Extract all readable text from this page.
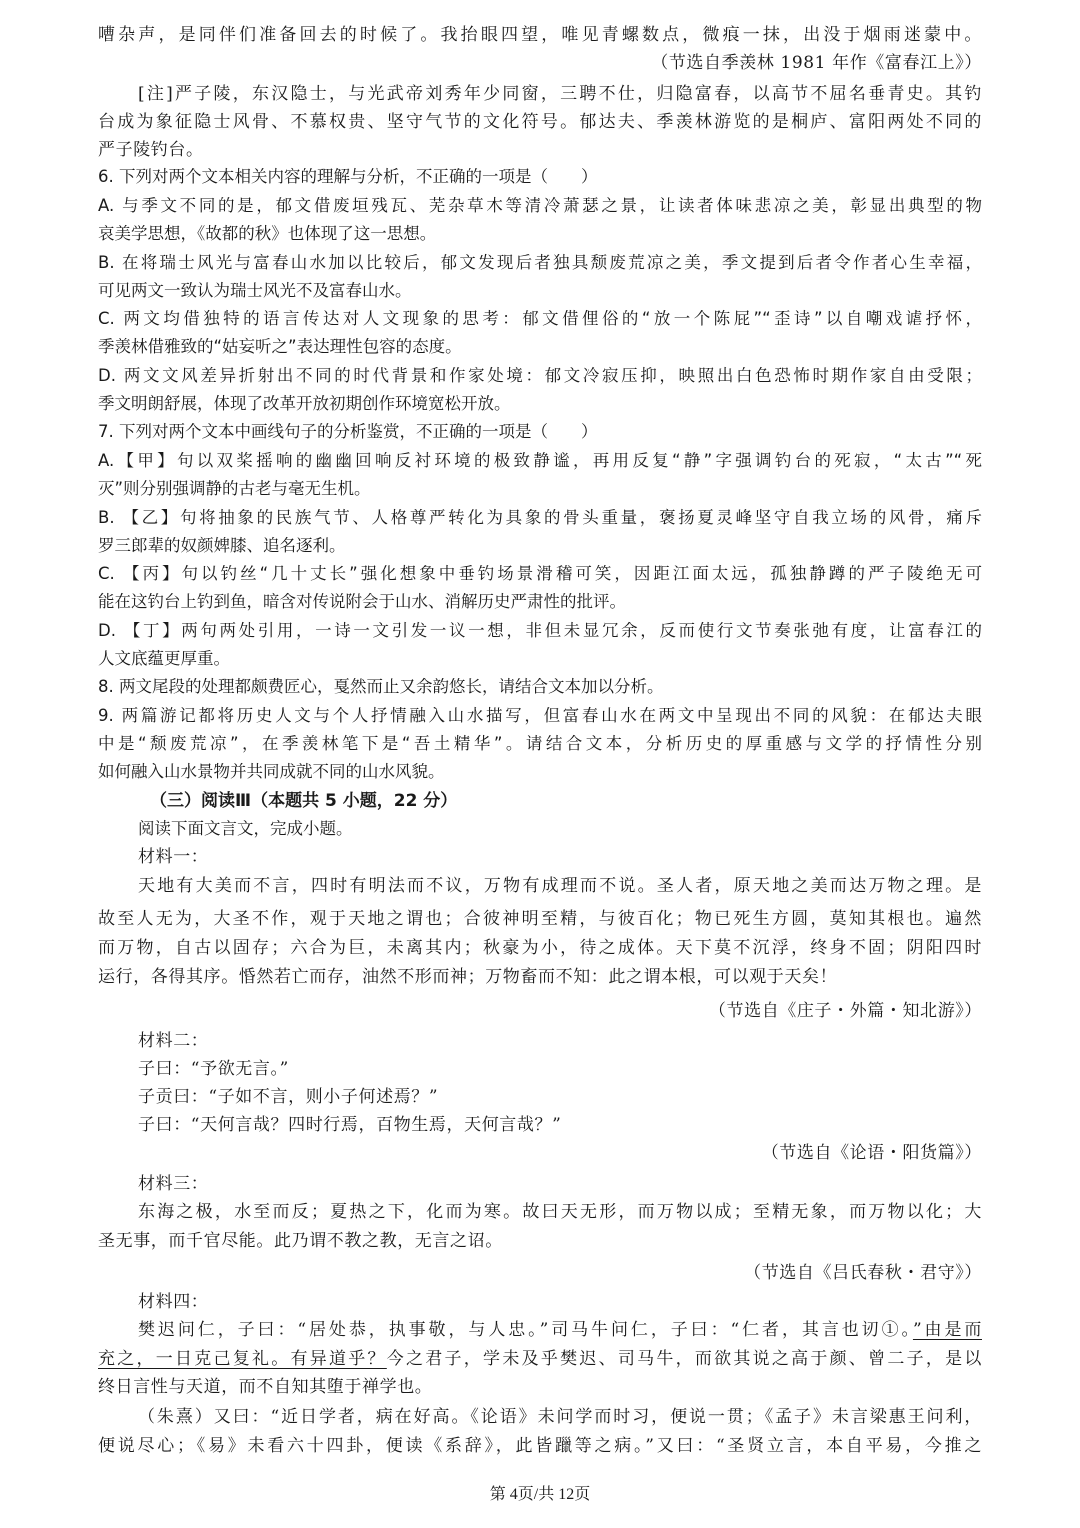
嘈杂声，是同伴们准备回去的时候了。我抬眼四望，唯见青螺数点，微痕一抹，出没于烟雨迷蒙中。
（节选自季羡林 1981 年作《富春江上》）
[注]严子陵，东汉隐士，与光武帝刘秀年少同窗，三聘不仕，归隐富春，以高节不屈名垂青史。其钓
台成为象征隐士风骨、不慕权贵、坚守气节的文化符号。郁达夫、季羡林游览的是桐庐、富阳两处不同的
严子陵钓台。
6. 下列对两个文本相关内容的理解与分析，不正确的一项是（　　）
A. 与季文不同的是，郁文借废垣残瓦、芜杂草木等清冷萧瑟之景，让读者体味悲凉之美，彰显出典型的物
哀美学思想，《故都的秋》也体现了这一思想。
B. 在将瑞士风光与富春山水加以比较后，郁文发现后者独具颓废荒凉之美，季文提到后者令作者心生幸福，
可见两文一致认为瑞士风光不及富春山水。
C. 两文均借独特的语言传达对人文现象的思考：郁文借俚俗的“放一个陈屁”“歪诗”以自嘲戏谑抒怀，
季羡林借雅致的“姑妄听之”表达理性包容的态度。
D. 两文文风差异折射出不同的时代背景和作家处境：郁文冷寂压抑，映照出白色恐怖时期作家自由受限；
季文明朗舒展，体现了改革开放初期创作环境宽松开放。
7. 下列对两个文本中画线句子的分析鉴赏，不正确的一项是（　　）
A.【甲】句以双桨摇响的幽幽回响反衬环境的极致静谧，再用反复“静”字强调钓台的死寂，“太古”“死
灭”则分别强调静的古老与毫无生机。
B. 【乙】句将抽象的民族气节、人格尊严转化为具象的骨头重量，褒扬夏灵峰坚守自我立场的风骨，痛斥
罗三郎辈的奴颜婢膝、追名逐利。
C. 【丙】句以钓丝“几十丈长”强化想象中垂钓场景滑稽可笑，因距江面太远，孤独静蹲的严子陵绝无可
能在这钓台上钓到鱼，暗含对传说附会于山水、消解历史严肃性的批评。
D. 【丁】两句两处引用，一诗一文引发一议一想，非但未显冗余，反而使行文节奏张弛有度，让富春江的
人文底蕴更厚重。
8. 两文尾段的处理都颇费匠心，戛然而止又余韵悠长，请结合文本加以分析。
9. 两篇游记都将历史人文与个人抒情融入山水描写，但富春山水在两文中呈现出不同的风貌：在郁达夫眼
中是“颓废荒凉”，在季羡林笔下是“吾土精华”。请结合文本，分析历史的厚重感与文学的抒情性分别
如何融入山水景物并共同成就不同的山水风貌。
（三）阅读Ⅲ（本题共 5 小题，22 分）
阅读下面文言文，完成小题。
材料一：
天地有大美而不言，四时有明法而不议，万物有成理而不说。圣人者，原天地之美而达万物之理。是
故至人无为，大圣不作，观于天地之谓也；合彼神明至精，与彼百化；物已死生方圆，莫知其根也。遍然
而万物，自古以固存；六合为巨，未离其内；秋豪为小，待之成体。天下莫不沉浮，终身不固；阴阳四时
运行，各得其序。惛然若亡而存，油然不形而神；万物畜而不知：此之谓本根，可以观于天矣！
（节选自《庄子・外篇・知北游》）
材料二：
子曰：“予欲无言。”
子贡曰：“子如不言，则小子何述焉？”
子曰：“天何言哉？四时行焉，百物生焉，天何言哉？”
（节选自《论语・阳货篇》）
材料三：
东海之极，水至而反；夏热之下，化而为寒。故曰天无形，而万物以成；至精无象，而万物以化；大
圣无事，而千官尽能。此乃谓不教之教，无言之诏。
（节选自《吕氏春秋・君守》）
材料四：
樊迟问仁，子曰：“居处恭，执事敬，与人忠。”司马牛问仁，子曰：“仁者，其言也讱①。”由是而
充之，一日克己复礼。有异道乎？今之君子，学未及乎樊迟、司马牛，而欲其说之高于颜、曾二子，是以
终日言性与天道，而不自知其堕于禅学也。
（朱熹）又曰：“近日学者，病在好高。《论语》未问学而时习，便说一贯；《孟子》未言梁惠王问利，
便说尽心；《易》未看六十四卦，便读《系辞》，此皆躐等之病。”又曰：“圣贤立言，本自平易，今推之
第 4页/共 12页
